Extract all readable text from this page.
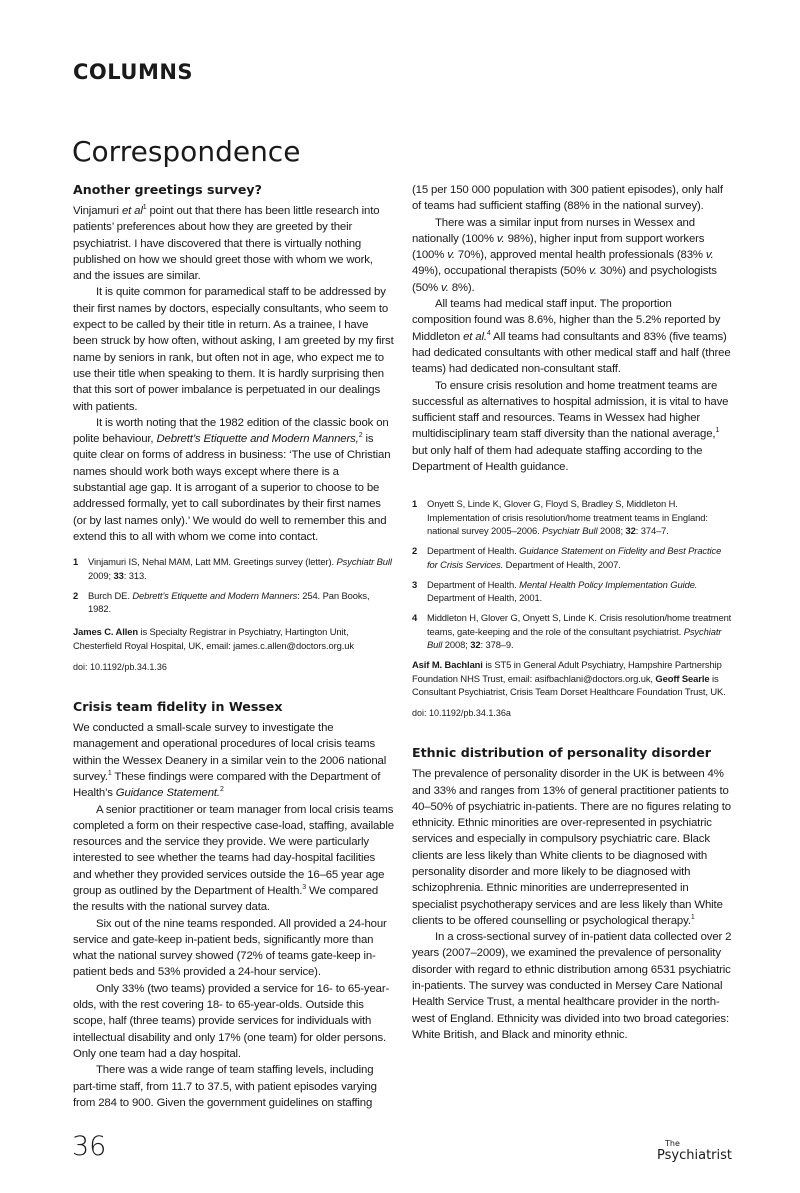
COLUMNS
Correspondence
Another greetings survey?

Vinjamuri et $al^1$ point out that there has been little research into patients’ preferences about how they are greeted by their psychiatrist. I have discovered that there is virtually nothing published on how we should greet those with whom we work, and the issues are similar.

It is quite common for paramedical staff to be addressed by their first names by doctors, especially consultants, who seem to expect to be called by their title in return. As a trainee, I have been struck by how often, without asking, I am greeted by my first name by seniors in rank, but often not in age, who expect me to use their title when speaking to them. It is hardly surprising then that this sort of power imbalance is perpetuated in our dealings with patients.

It is worth noting that the 1982 edition of the classic book on polite behaviour, Debrett’s Etiquette and Modern Manners,$^2$ is quite clear on forms of address in business: ‘The use of Christian names should work both ways except where there is a substantial age gap. It is arrogant of a superior to choose to be addressed formally, yet to call subordinates by their first names (or by last names only).’ We would do well to remember this and extend this to all with whom we come into contact.

1	Vinjamuri IS, Nehal MAM, Latt MM. Greetings survey (letter). Psychiatr Bull 2009; 33: 313.
2	Burch DE. Debrett’s Etiquette and Modern Manners: 254. Pan Books, 1982.
James C. Allen is Specialty Registrar in Psychiatry, Hartington Unit, Chesterfield Royal Hospital, UK, email: james.c.allen@doctors.org.uk
doi: 10.1192/pb.34.1.36
Crisis team fidelity in Wessex

We conducted a small-scale survey to investigate the management and operational procedures of local crisis teams within the Wessex Deanery in a similar vein to the 2006 national survey.$^1$ These findings were compared with the Department of Health’s Guidance Statement.$^2$

A senior practitioner or team manager from local crisis teams completed a form on their respective case-load, staffing, available resources and the service they provide. We were particularly interested to see whether the teams had day-hospital facilities and whether they provided services outside the 16–65 year age group as outlined by the Department of Health.$^3$ We compared the results with the national survey data.

Six out of the nine teams responded. All provided a 24-hour service and gate-keep in-patient beds, significantly more than what the national survey showed (72% of teams gate-keep in-patient beds and 53% provided a 24-hour service).

Only 33% (two teams) provided a service for 16- to 65-year-olds, with the rest covering 18- to 65-year-olds. Outside this scope, half (three teams) provide services for individuals with intellectual disability and only 17% (one team) for older persons. Only one team had a day hospital.

There was a wide range of team staffing levels, including part-time staff, from 11.7 to 37.5, with patient episodes varying from 284 to 900. Given the government guidelines on staffing

(15 per 150 000 population with 300 patient episodes), only half of teams had sufficient staffing (88% in the national survey).

There was a similar input from nurses in Wessex and nationally (100% v. 98%), higher input from support workers (100% v. 70%), approved mental health professionals (83% v. 49%), occupational therapists (50% v. 30%) and psychologists (50% v. 8%).

All teams had medical staff input. The proportion composition found was 8.6%, higher than the 5.2% reported by Middleton et al.$^4$ All teams had consultants and 83% (five teams) had dedicated consultants with other medical staff and half (three teams) had dedicated non-consultant staff.

To ensure crisis resolution and home treatment teams are successful as alternatives to hospital admission, it is vital to have sufficient staff and resources. Teams in Wessex had higher multidisciplinary team staff diversity than the national average,$^1$ but only half of them had adequate staffing according to the Department of Health guidance.

1	Onyett S, Linde K, Glover G, Floyd S, Bradley S, Middleton H. Implementation of crisis resolution/home treatment teams in England: national survey 2005–2006. Psychiatr Bull 2008; 32: 374–7.
2	Department of Health. Guidance Statement on Fidelity and Best Practice for Crisis Services. Department of Health, 2007.
3	Department of Health. Mental Health Policy Implementation Guide. Department of Health, 2001.
4	Middleton H, Glover G, Onyett S, Linde K. Crisis resolution/home treatment teams, gate-keeping and the role of the consultant psychiatrist. Psychiatr Bull 2008; 32: 378–9.
Asif M. Bachlani is ST5 in General Adult Psychiatry, Hampshire Partnership Foundation NHS Trust, email: asifbachlani@doctors.org.uk, Geoff Searle is Consultant Psychiatrist, Crisis Team Dorset Healthcare Foundation Trust, UK.
doi: 10.1192/pb.34.1.36a
Ethnic distribution of personality disorder

The prevalence of personality disorder in the UK is between 4% and 33% and ranges from 13% of general practitioner patients to 40–50% of psychiatric in-patients. There are no figures relating to ethnicity. Ethnic minorities are over-represented in psychiatric services and especially in compulsory psychiatric care. Black clients are less likely than White clients to be diagnosed with personality disorder and more likely to be diagnosed with schizophrenia. Ethnic minorities are underrepresented in specialist psychotherapy services and are less likely than White clients to be offered counselling or psychological therapy.$^1$

In a cross-sectional survey of in-patient data collected over 2 years (2007–2009), we examined the prevalence of personality disorder with regard to ethnic distribution among 6531 psychiatric in-patients. The survey was conducted in Mersey Care National Health Service Trust, a mental healthcare provider in the north-west of England. Ethnicity was divided into two broad categories: White British, and Black and minority ethnic.

36	The
Psychiatrist
